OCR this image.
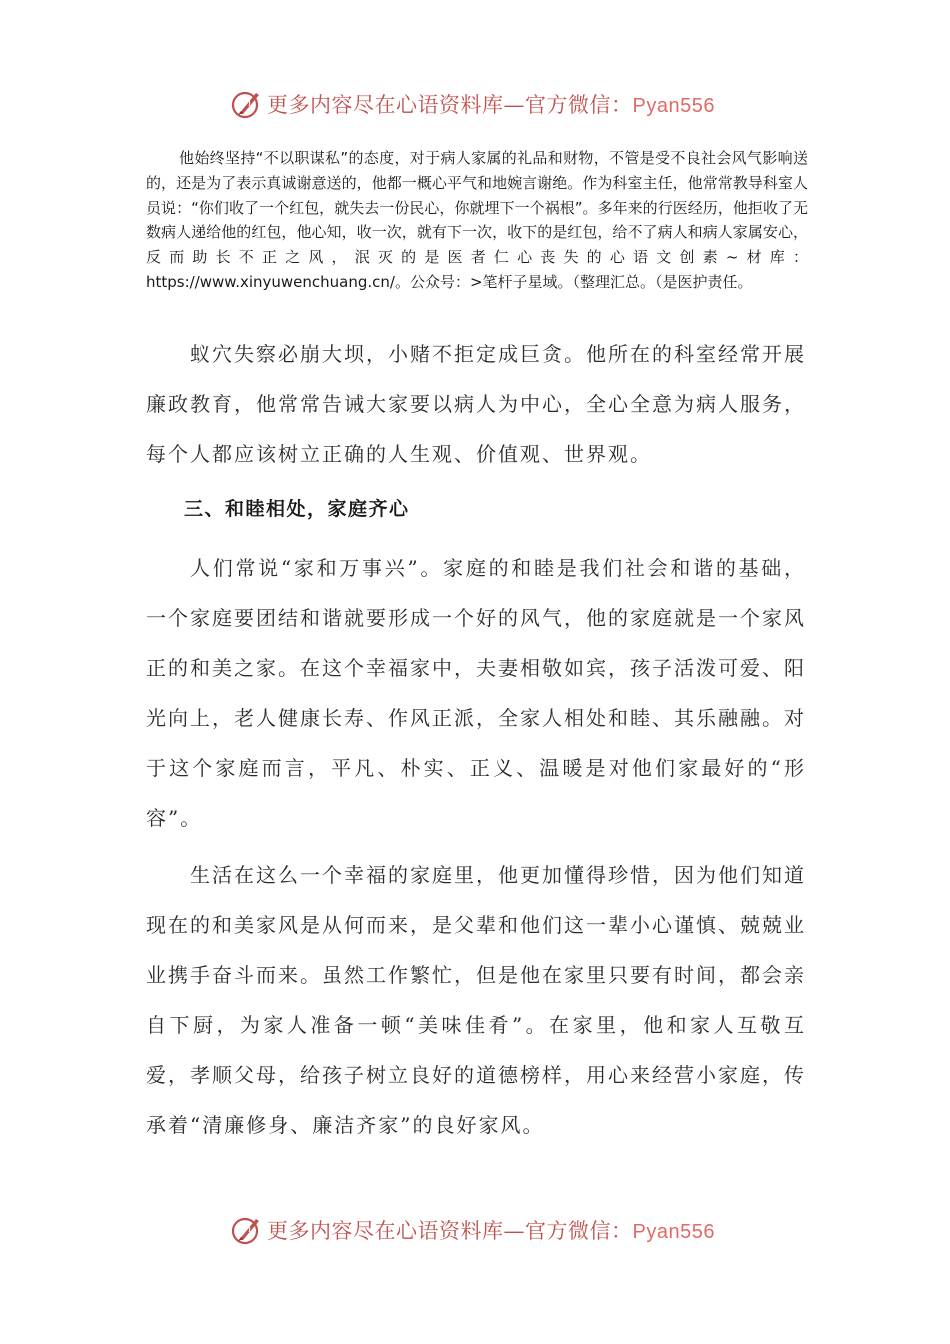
更多内容尽在心语资料库—官方微信：Pyan556

他始终坚持“不以职谋私”的态度，对于病人家属的礼品和财物，不管是受不良社会风气影响送的，还是为了表示真诚谢意送的，他都一概心平气和地婉言谢绝。作为科室主任，他常常教导科室人员说：“你们收了一个红包，就失去一份民心，你就埋下一个祸根”。多年来的行医经历，他拒收了无数病人递给他的红包，他心知，收一次，就有下一次，收下的是红包，给不了病人和病人家属安心，反而助长不正之风，泯灭的是医者仁心丧失的心语文创素~材库：https://www.xinyuwenchuang.cn/。公众号：>笔杆子星域。（整理汇总。（是医护责任。

蚁穴失察必崩大坝，小赌不拒定成巨贪。他所在的科室经常开展廉政教育，他常常告诫大家要以病人为中心，全心全意为病人服务，每个人都应该树立正确的人生观、价值观、世界观。

三、和睦相处，家庭齐心

人们常说“家和万事兴”。家庭的和睦是我们社会和谐的基础，一个家庭要团结和谐就要形成一个好的风气，他的家庭就是一个家风正的和美之家。在这个幸福家中，夫妻相敬如宾，孩子活泼可爱、阳光向上，老人健康长寿、作风正派，全家人相处和睦、其乐融融。对于这个家庭而言，平凡、朴实、正义、温暖是对他们家最好的“形容”。

生活在这么一个幸福的家庭里，他更加懂得珍惜，因为他们知道现在的和美家风是从何而来，是父辈和他们这一辈小心谨慎、兢兢业业携手奋斗而来。虽然工作繁忙，但是他在家里只要有时间，都会亲自下厨，为家人准备一顿“美味佳肴”。在家里，他和家人互敬互爱，孝顺父母，给孩子树立良好的道德榜样，用心来经营小家庭，传承着“清廉修身、廉洁齐家”的良好家风。

更多内容尽在心语资料库—官方微信：Pyan556
